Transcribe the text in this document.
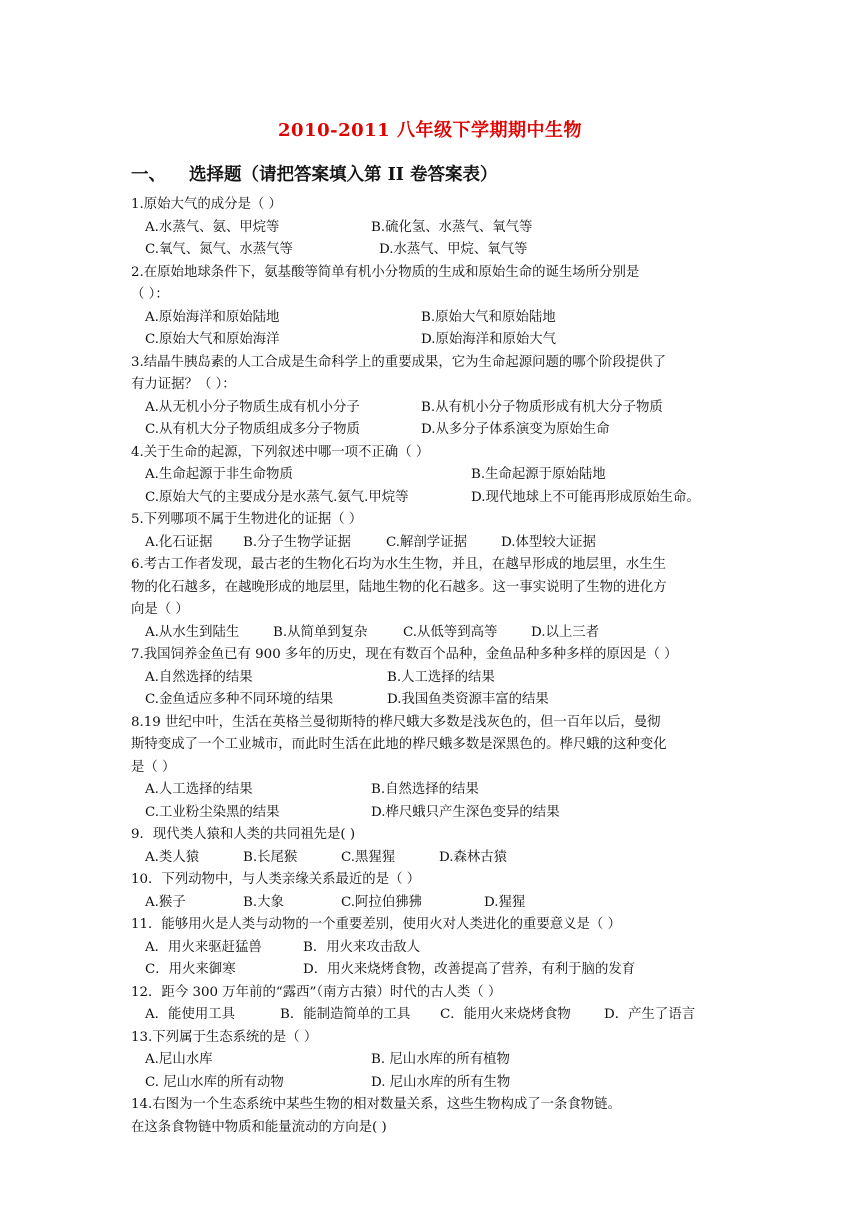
2010-2011 八年级下学期期中生物
一、 选择题（请把答案填入第 II 卷答案表）
1.原始大气的成分是（ ）
A.水蒸气、氨、甲烷等	B.硫化氢、水蒸气、氧气等
C.氧气、氮气、水蒸气等	D.水蒸气、甲烷、氧气等
2.在原始地球条件下，氨基酸等简单有机小分物质的生成和原始生命的诞生场所分别是
（ ）：
A.原始海洋和原始陆地	B.原始大气和原始陆地
C.原始大气和原始海洋	D.原始海洋和原始大气
3.结晶牛胰岛素的人工合成是生命科学上的重要成果，它为生命起源问题的哪个阶段提供了
有力证据？（ ）：
A.从无机小分子物质生成有机小分子	B.从有机小分子物质形成有机大分子物质
C.从有机大分子物质组成多分子物质	D.从多分子体系演变为原始生命
4.关于生命的起源，下列叙述中哪一项不正确（ ）
A.生命起源于非生命物质	B.生命起源于原始陆地
C.原始大气的主要成分是水蒸气.氨气.甲烷等	D.现代地球上不可能再形成原始生命。
5.下列哪项不属于生物进化的证据（ ）
A.化石证据 B.分子生物学证据	C.解剖学证据	D.体型较大证据
6.考古工作者发现，最古老的生物化石均为水生生物，并且，在越早形成的地层里，水生生
物的化石越多，在越晚形成的地层里，陆地生物的化石越多。这一事实说明了生物的进化方
向是（ ）
A.从水生到陆生	B.从简单到复杂	C.从低等到高等	D.以上三者
7.我国饲养金鱼已有 900 多年的历史，现在有数百个品种，金鱼品种多种多样的原因是（ ）
A.自然选择的结果	B.人工选择的结果
C.金鱼适应多种不同环境的结果	D.我国鱼类资源丰富的结果
8.19 世纪中叶，生活在英格兰曼彻斯特的桦尺蛾大多数是浅灰色的，但一百年以后，曼彻
斯特变成了一个工业城市，而此时生活在此地的桦尺蛾多数是深黑色的。桦尺蛾的这种变化
是（ ）
A.人工选择的结果	B.自然选择的结果
C.工业粉尘染黑的结果	D.桦尺蛾只产生深色变异的结果
9．现代类人猿和人类的共同祖先是( )
A.类人猿	B.长尾猴	C.黑猩猩	D.森林古猿
10．下列动物中，与人类亲缘关系最近的是（ ）
A.猴子	B.大象	C.阿拉伯狒狒	D.猩猩
11．能够用火是人类与动物的一个重要差别，使用火对人类进化的重要意义是（ ）
A．用火来驱赶猛兽	B．用火来攻击敌人
C．用火来御寒	D．用火来烧烤食物，改善提高了营养，有利于脑的发育
12．距今 300 万年前的“露西”（南方古猿）时代的古人类（ ）
A．能使用工具	B．能制造简单的工具 C．能用火来烧烤食物 D．产生了语言
13.下列属于生态系统的是（ ）
A.尼山水库	B. 尼山水库的所有植物
C. 尼山水库的所有动物	D. 尼山水库的所有生物
14.右图为一个生态系统中某些生物的相对数量关系，这些生物构成了一条食物链。
在这条食物链中物质和能量流动的方向是( )
